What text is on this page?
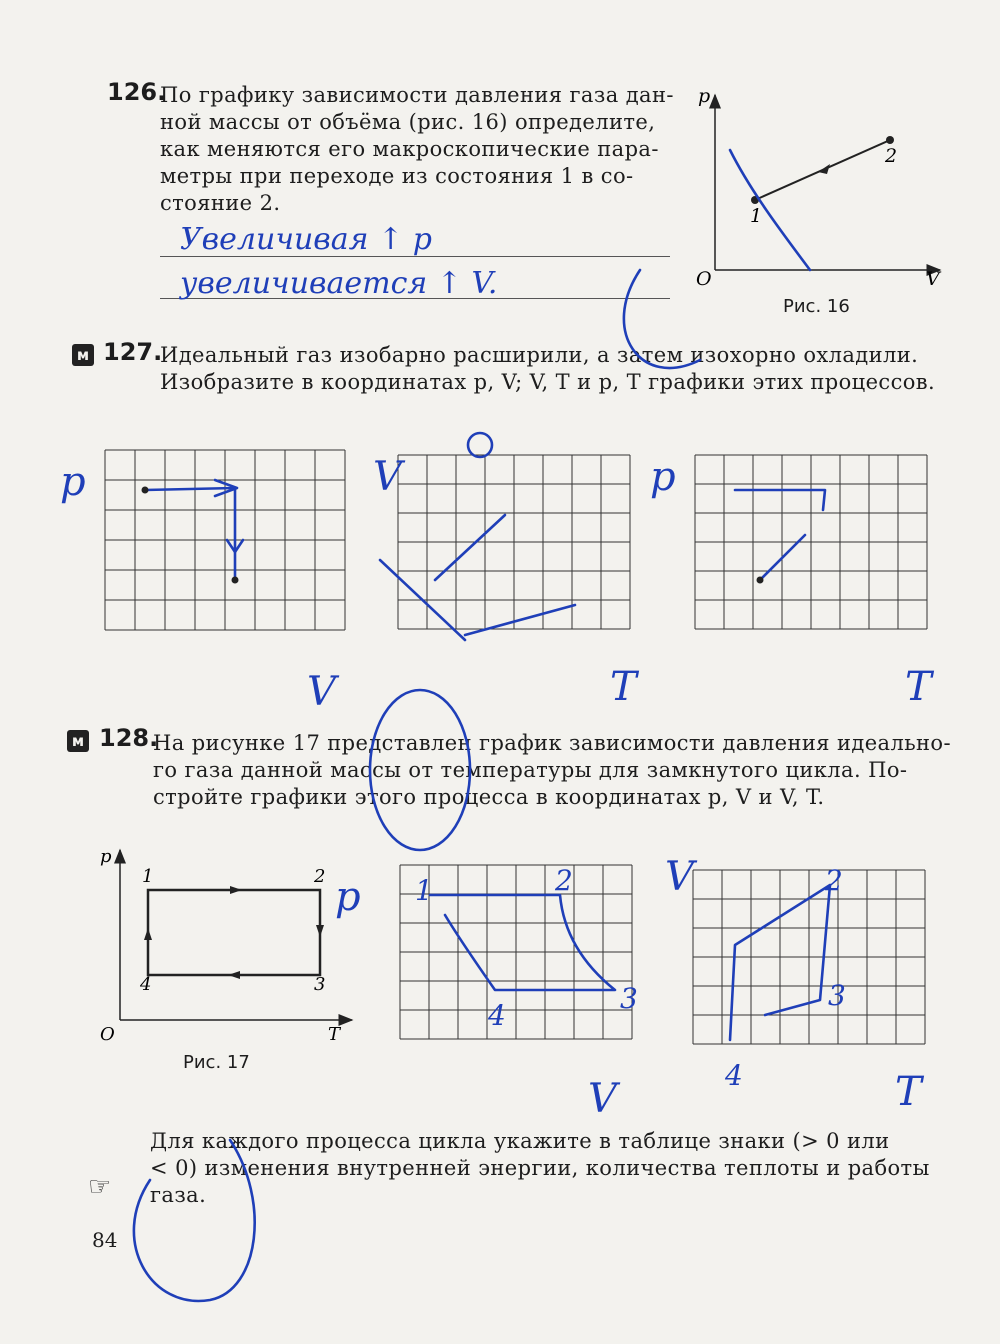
126.
По графику зависимости давления газа дан-
ной массы от объёма (рис. 16) определите,
как меняются его макроскопические пара-
метры при переходе из состояния 1 в со-
стояние 2.
Увеличивая ↑ p
увеличивается ↑ V.
p
V
O
1
2
Рис. 16
м 127.
Идеальный газ изобарно расширили, а затем изохорно охладили.
Изобразите в координатах p, V; V, T и p, T графики этих процессов.
p
V
V
T
p
T
м 128.
На рисунке 17 представлен график зависимости давления идеально-
го газа данной массы от температуры для замкнутого цикла. По-
стройте графики этого процесса в координатах p, V и V, T.
p
T
O
1	2
3
4
Рис. 17
p
V
1	2
3
4
V
T
2
3
4
Для каждого процесса цикла укажите в таблице знаки (> 0 или
< 0) изменения внутренней энергии, количества теплоты и работы
газа.
☞
84
